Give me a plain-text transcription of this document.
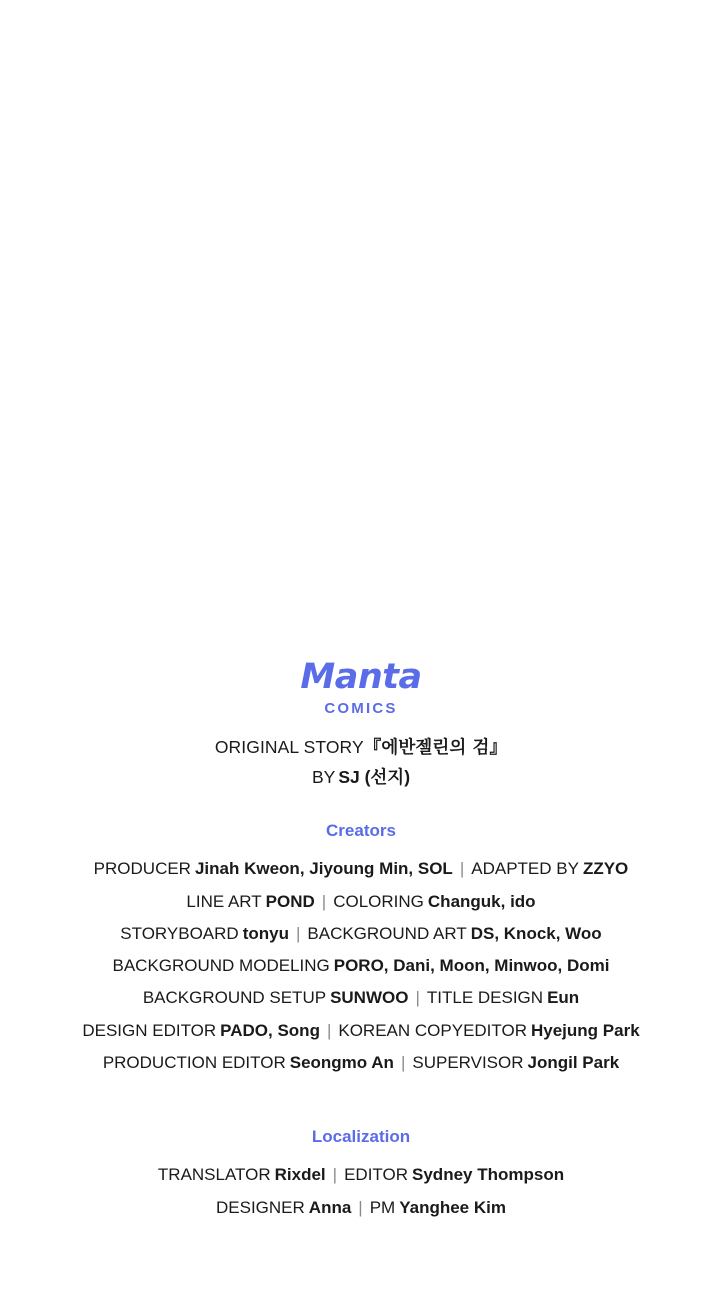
Manta
COMICS
ORIGINAL STORY『에반젤린의 검』
BY SJ (선지)
Creators
PRODUCER Jinah Kweon, Jiyoung Min, SOL | ADAPTED BY ZZYO
LINE ART POND | COLORING Changuk, ido
STORYBOARD tonyu | BACKGROUND ART DS, Knock, Woo
BACKGROUND MODELING PORO, Dani, Moon, Minwoo, Domi
BACKGROUND SETUP SUNWOO | TITLE DESIGN Eun
DESIGN EDITOR PADO, Song | KOREAN COPYEDITOR Hyejung Park
PRODUCTION EDITOR Seongmo An | SUPERVISOR Jongil Park
Localization
TRANSLATOR Rixdel | EDITOR Sydney Thompson
DESIGNER Anna | PM Yanghee Kim
